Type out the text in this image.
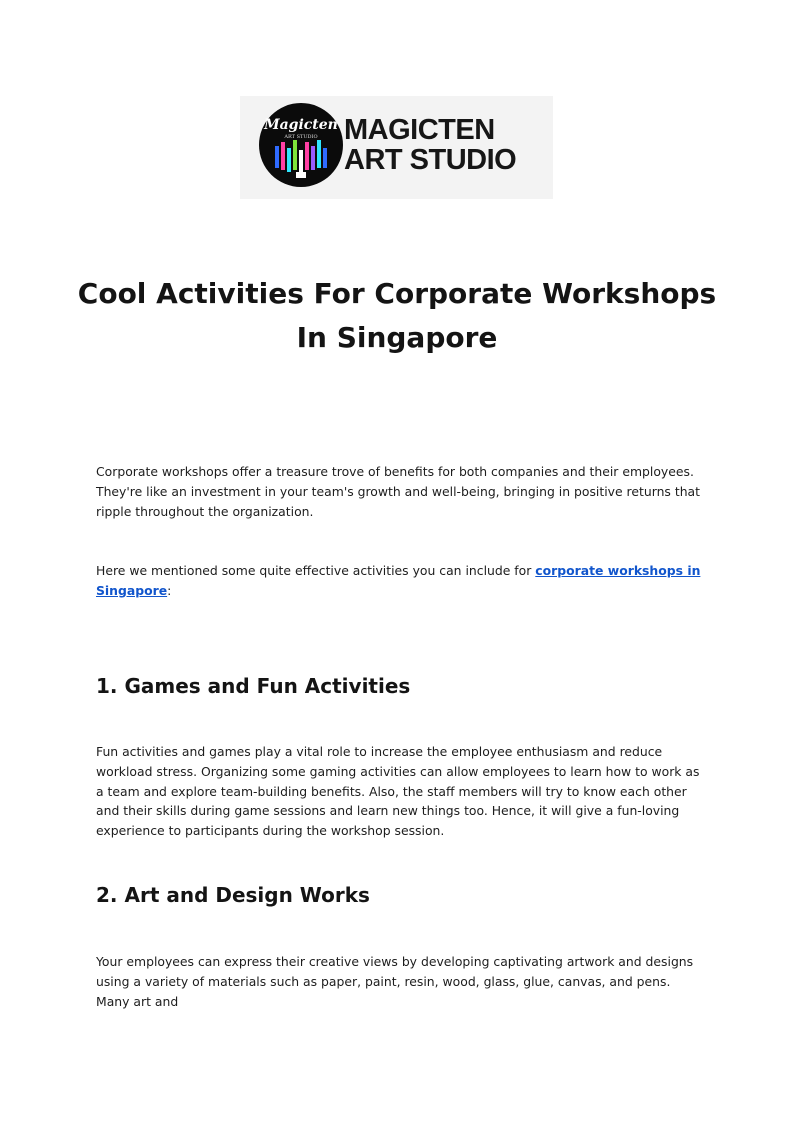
Magicten
ART STUDIO MAGICTEN
ART STUDIO
Cool Activities For Corporate Workshops
In Singapore

Corporate workshops offer a treasure trove of benefits for both companies and their employees. They're like an investment in your team's growth and well-being, bringing in positive returns that ripple throughout the organization.

Here we mentioned some quite effective activities you can include for corporate workshops in Singapore:

1. Games and Fun Activities

Fun activities and games play a vital role to increase the employee enthusiasm and reduce workload stress. Organizing some gaming activities can allow employees to learn how to work as a team and explore team-building benefits. Also, the staff members will try to know each other and their skills during game sessions and learn new things too. Hence, it will give a fun-loving experience to participants during the workshop session.

2. Art and Design Works

Your employees can express their creative views by developing captivating artwork and designs using a variety of materials such as paper, paint, resin, wood, glass, glue, canvas, and pens. Many art and
